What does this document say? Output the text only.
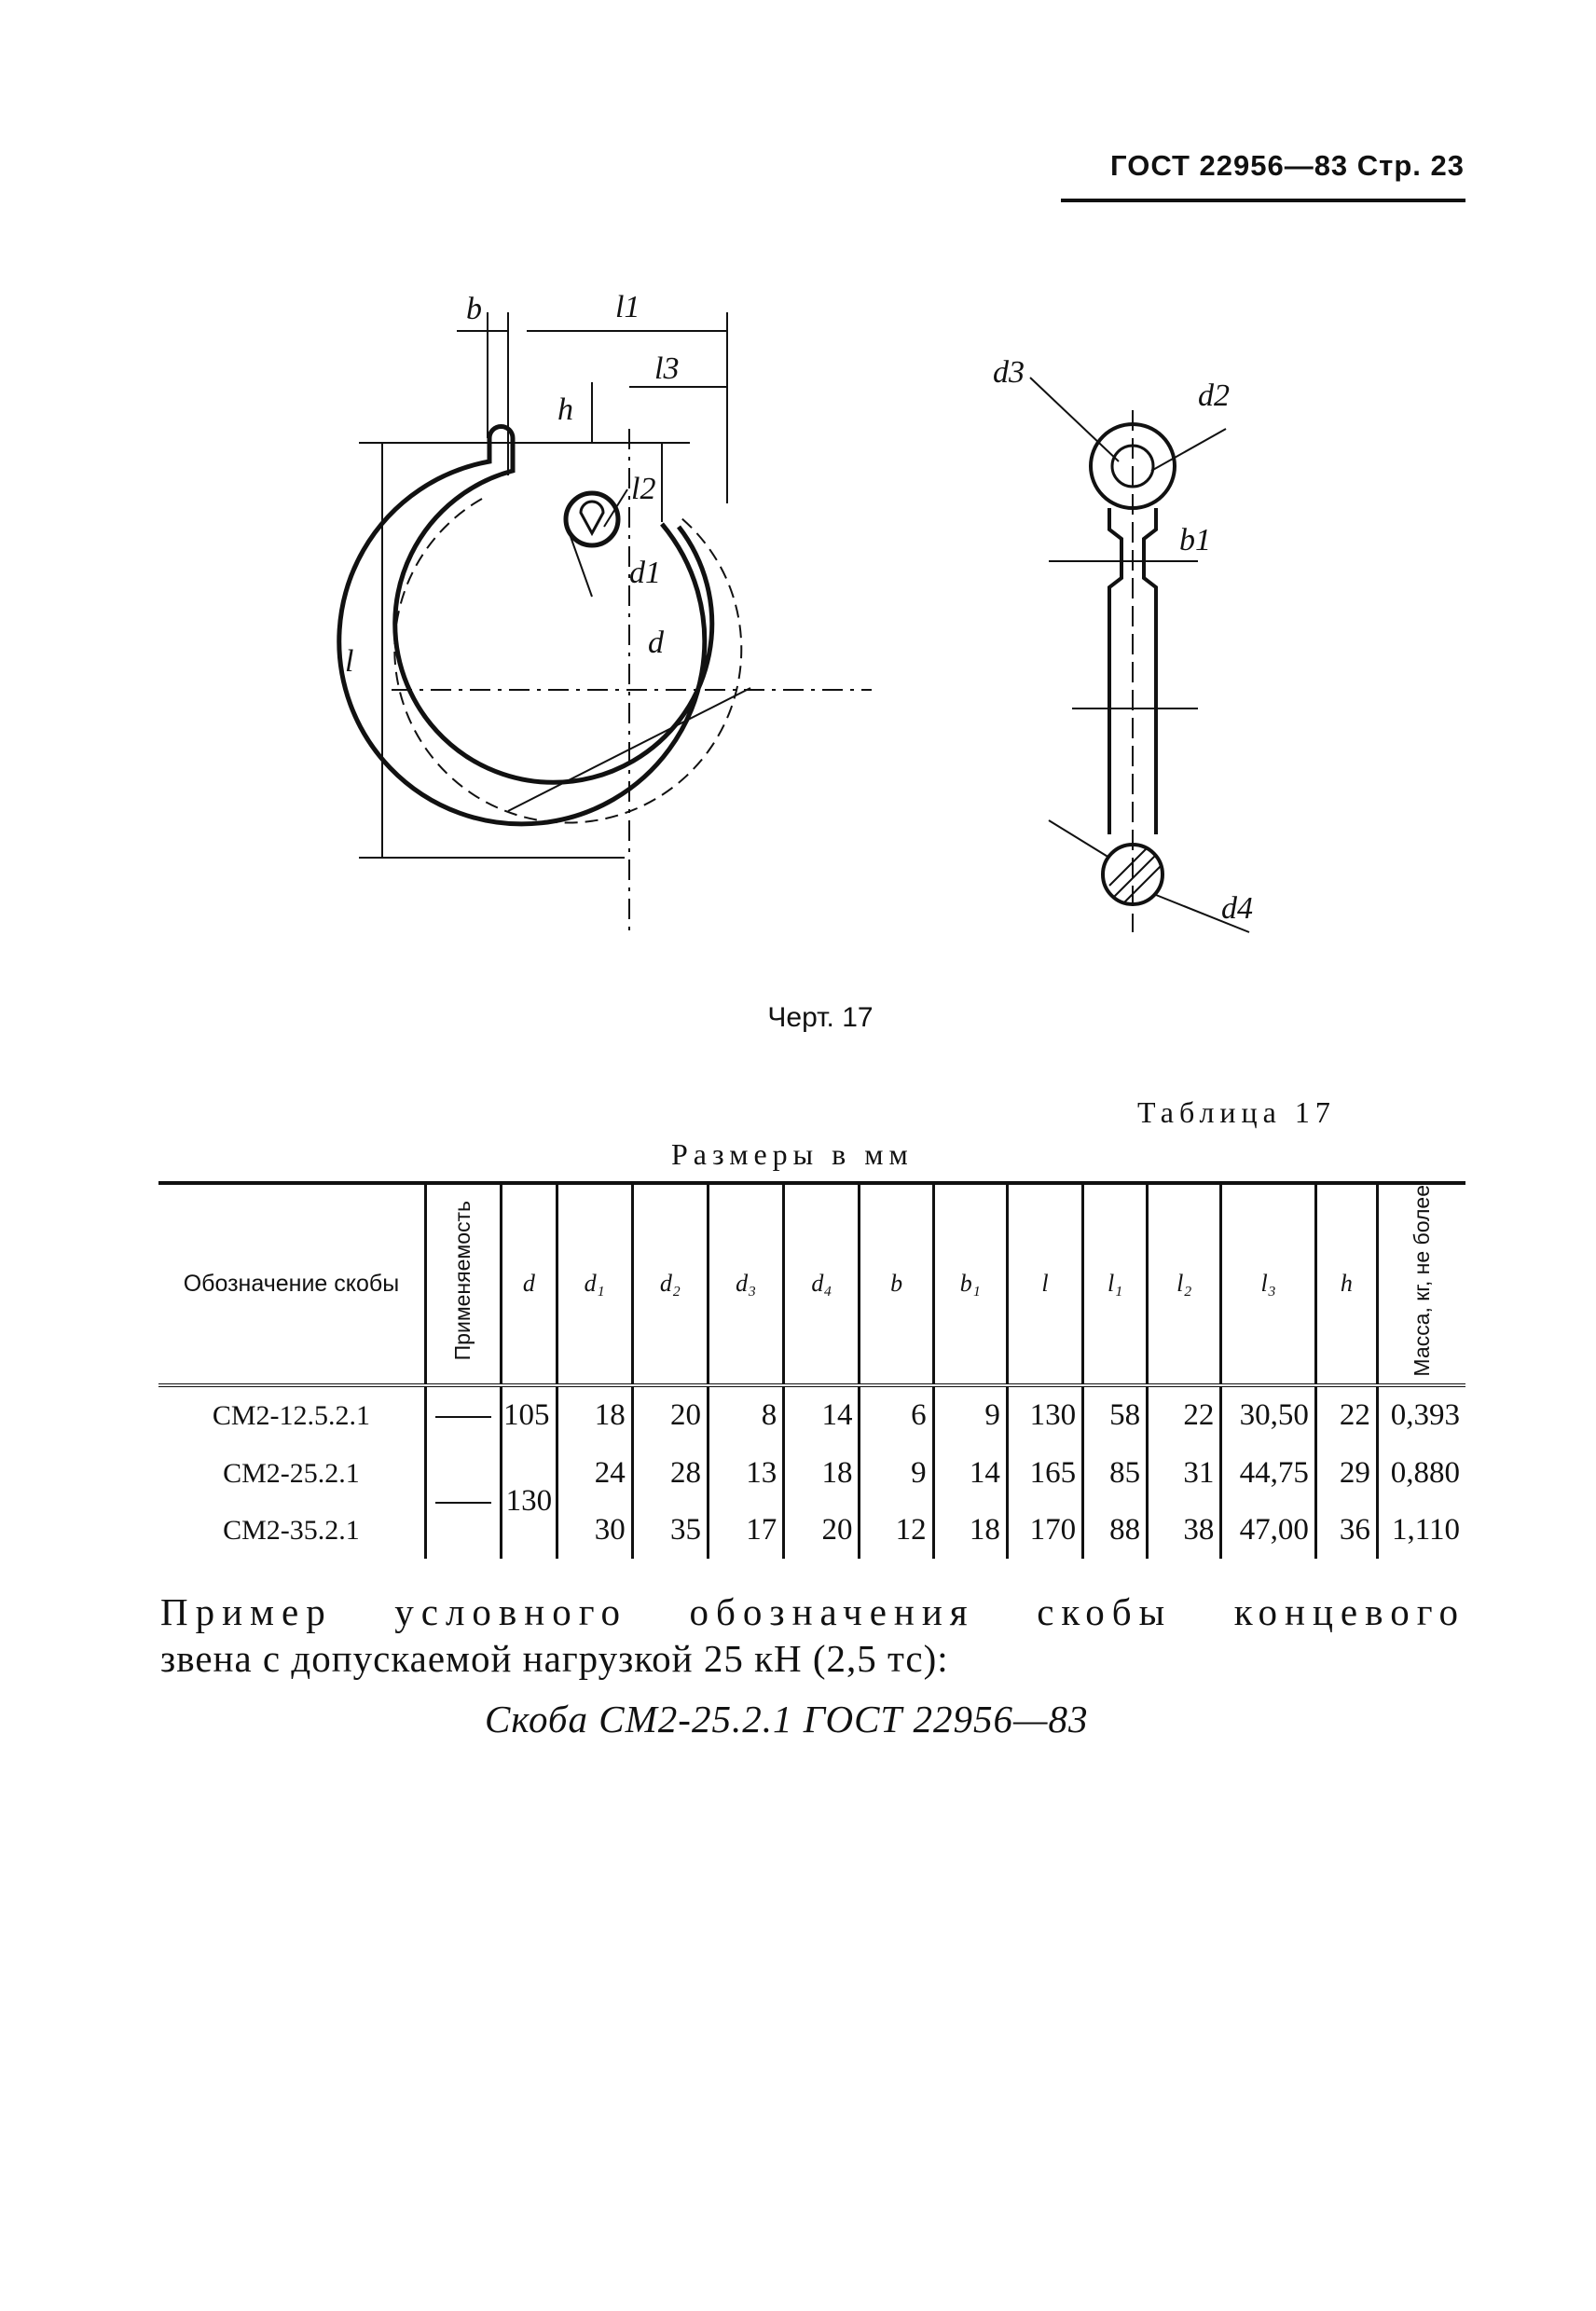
ГОСТ 22956—83 Стр. 23
b	l1
h
l3
l2
d1
l
d
d3
d2
b1
d4
Черт. 17
Таблица 17
Размеры в мм
Обозначение скобы	Применяемость	d	d₁	d₂	d₃	d₄	b	b₁	l	l₁	l₂	l₃	h	Масса, кг, не более
СМ2-12.5.2.1		105	18	20	8	14	6	9	130	58	22	30,50	22	0,393
СМ2-25.2.1		130	24	28	13	18	9	14	165	85	31	44,75	29	0,880
СМ2-35.2.1			30	35	17	20	12	18	170	88	38	47,00	36	1,110
Пример условного обозначения скобы концевого
звена с допускаемой нагрузкой 25 кН (2,5 тс):
Скоба СМ2-25.2.1 ГОСТ 22956—83
